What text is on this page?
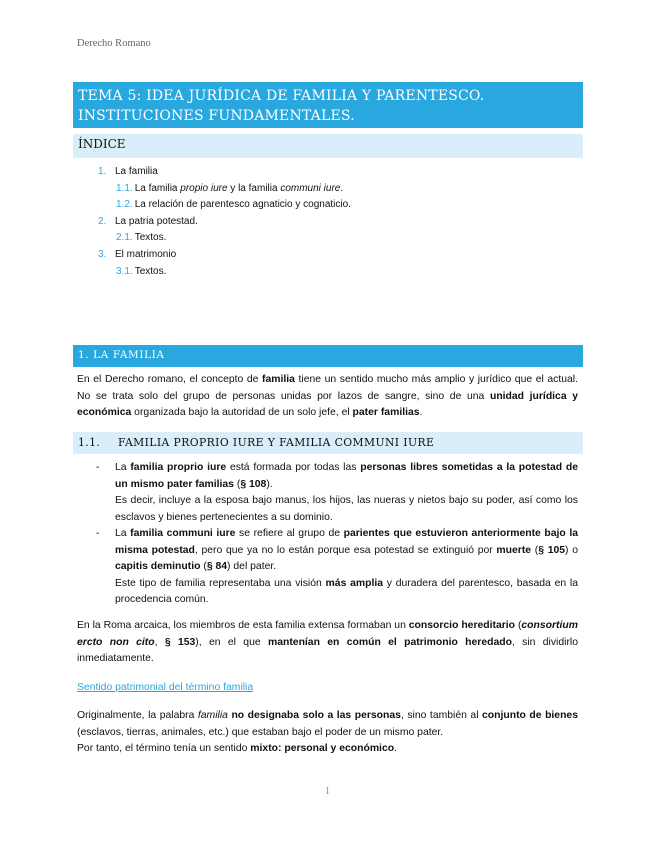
Derecho Romano
TEMA 5: IDEA JURÍDICA DE FAMILIA Y PARENTESCO. INSTITUCIONES FUNDAMENTALES.
ÍNDICE
1. La familia
1.1. La familia propio iure y la familia communi iure.
1.2. La relación de parentesco agnaticio y cognaticio.
2. La patria potestad.
2.1. Textos.
3. El matrimonio
3.1. Textos.
1. LA FAMILIA
En el Derecho romano, el concepto de familia tiene un sentido mucho más amplio y jurídico que el actual. No se trata solo del grupo de personas unidas por lazos de sangre, sino de una unidad jurídica y económica organizada bajo la autoridad de un solo jefe, el pater familias.
1.1. FAMILIA PROPRIO IURE Y FAMILIA COMMUNI IURE
- La familia proprio iure está formada por todas las personas libres sometidas a la potestad de un mismo pater familias (§ 108).

Es decir, incluye a la esposa bajo manus, los hijos, las nueras y nietos bajo su poder, así como los esclavos y bienes pertenecientes a su dominio.

- La familia communi iure se refiere al grupo de parientes que estuvieron anteriormente bajo la misma potestad, pero que ya no lo están porque esa potestad se extinguió por muerte (§ 105) o capitis deminutio (§ 84) del pater.

Este tipo de familia representaba una visión más amplia y duradera del parentesco, basada en la procedencia común.

En la Roma arcaica, los miembros de esta familia extensa formaban un consorcio hereditario (consortium ercto non cito, § 153), en el que mantenían en común el patrimonio heredado, sin dividirlo inmediatamente.
Sentido patrimonial del término familia
Originalmente, la palabra familia no designaba solo a las personas, sino también al conjunto de bienes (esclavos, tierras, animales, etc.) que estaban bajo el poder de un mismo pater.
Por tanto, el término tenía un sentido mixto: personal y económico.
1
